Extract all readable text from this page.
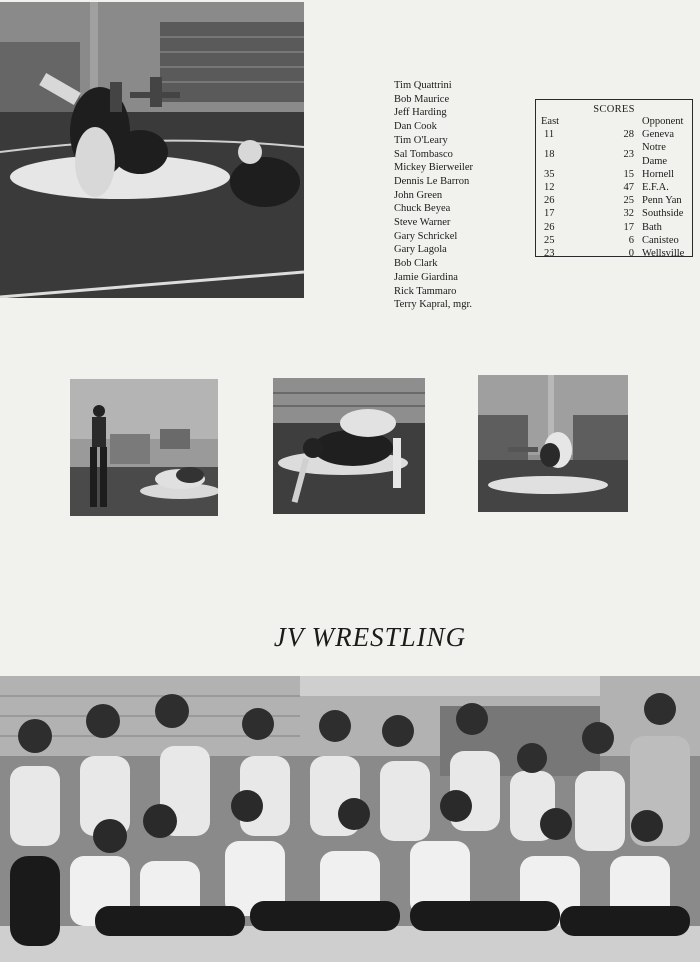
Tim Quattrini
Bob Maurice
Jeff Harding
Dan Cook
Tim O'Leary
Sal Tombasco
Mickey Bierweiler
Dennis Le Barron
John Green
Chuck Beyea
Steve Warner
Gary Schrickel
Gary Lagola
Bob Clark
Jamie Giardina
Rick Tammaro
Terry Kapral, mgr.
SCORES
East		Opponent
11	28	Geneva
18	23	Notre Dame
35	15	Hornell
12	47	E.F.A.
26	25	Penn Yan
17	32	Southside
26	17	Bath
25	6	Canisteo
23	0	Wellsville
JV WRESTLING
